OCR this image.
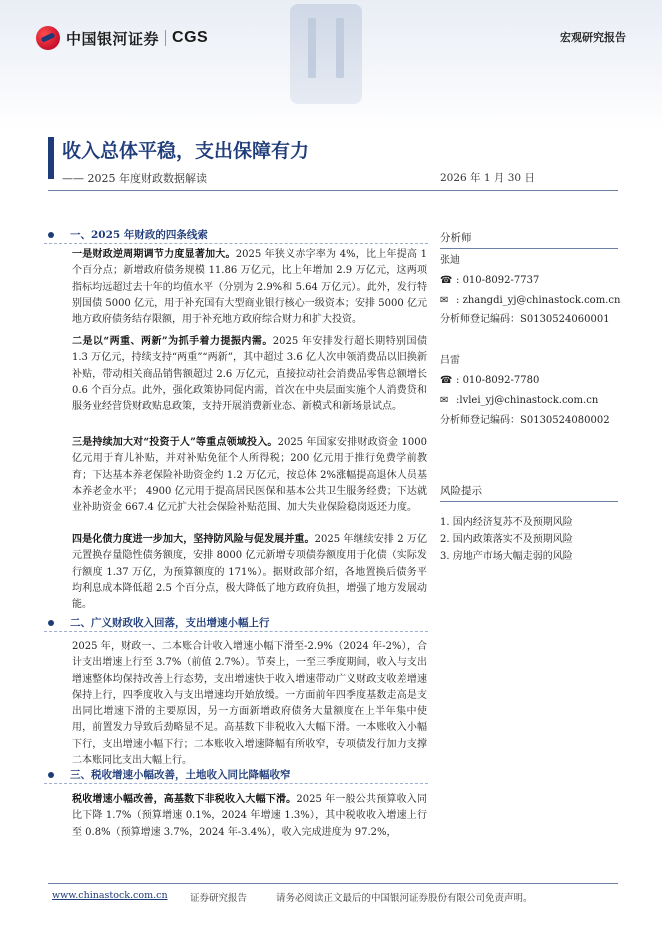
中国银河证券 CGS	宏观研究报告
收入总体平稳，支出保障有力
—— 2025 年度财政数据解读	2026 年 1 月 30 日
一、2025 年财政的四条线索

一是财政逆周期调节力度显著加大。2025 年狭义赤字率为 4%，比上年提高 1 个百分点；新增政府债务规模 11.86 万亿元，比上年增加 2.9 万亿元，这两项指标均远超过去十年的均值水平（分别为 2.9%和 5.64 万亿元）。此外，发行特别国债 5000 亿元，用于补充国有大型商业银行核心一级资本；安排 5000 亿元地方政府债务结存限额，用于补充地方政府综合财力和扩大投资。

二是以“两重、两新”为抓手着力提振内需。2025 年安排发行超长期特别国债 1.3 万亿元，持续支持“两重”“两新”，其中超过 3.6 亿人次申领消费品以旧换新补贴，带动相关商品销售额超过 2.6 万亿元，直接拉动社会消费品零售总额增长 0.6 个百分点。此外，强化政策协同促内需，首次在中央层面实施个人消费贷和服务业经营贷财政贴息政策，支持开展消费新业态、新模式和新场景试点。

三是持续加大对“投资于人”等重点领域投入。2025 年国家安排财政资金 1000 亿元用于育儿补贴，并对补贴免征个人所得税；200 亿元用于推行免费学前教育；下达基本养老保险补助资金约 1.2 万亿元，按总体 2%涨幅提高退休人员基本养老金水平； 4900 亿元用于提高居民医保和基本公共卫生服务经费；下达就业补助资金 667.4 亿元扩大社会保险补贴范围、加大失业保险稳岗返还力度。

四是化债力度进一步加大，坚持防风险与促发展并重。2025 年继续安排 2 万亿元置换存量隐性债务额度，安排 8000 亿元新增专项债券额度用于化债（实际发行额度 1.37 万亿，为预算额度的 171%）。据财政部介绍，各地置换后债务平均利息成本降低超 2.5 个百分点，极大降低了地方政府负担，增强了地方发展动能。

二、广义财政收入回落，支出增速小幅上行

2025 年，财政一、二本账合计收入增速小幅下滑至-2.9%（2024 年-2%），合计支出增速上行至 3.7%（前值 2.7%）。节奏上，一至三季度期间，收入与支出增速整体均保持改善上行态势，支出增速快于收入增速带动广义财政支收差增速保持上行，四季度收入与支出增速均开始放缓。一方面前年四季度基数走高是支出同比增速下滑的主要原因，另一方面新增政府债务大量额度在上半年集中使用，前置发力导致后劲略显不足。高基数下非税收入大幅下滑。一本账收入小幅下行，支出增速小幅下行；二本账收入增速降幅有所收窄，专项债发行加力支撑二本账同比支出大幅上行。

三、税收增速小幅改善，土地收入同比降幅收窄

税收增速小幅改善，高基数下非税收入大幅下滑。2025 年一般公共预算收入同比下降 1.7%（预算增速 0.1%，2024 年增速 1.3%），其中税收收入增速上行至 0.8%（预算增速 3.7%，2024 年-3.4%），收入完成进度为 97.2%，

分析师
张迪
☎ : 010-8092-7737
✉ : zhangdi_yj@chinastock.com.cn
分析师登记编码：S0130524060001
吕雷
☎ : 010-8092-7780
✉ :lvlei_yj@chinastock.com.cn
分析师登记编码：S0130524080002
风险提示
1. 国内经济复苏不及预期风险
2. 国内政策落实不及预期风险
3. 房地产市场大幅走弱的风险
www.chinastock.com.cn 证券研究报告	请务必阅读正文最后的中国银河证券股份有限公司免责声明。
